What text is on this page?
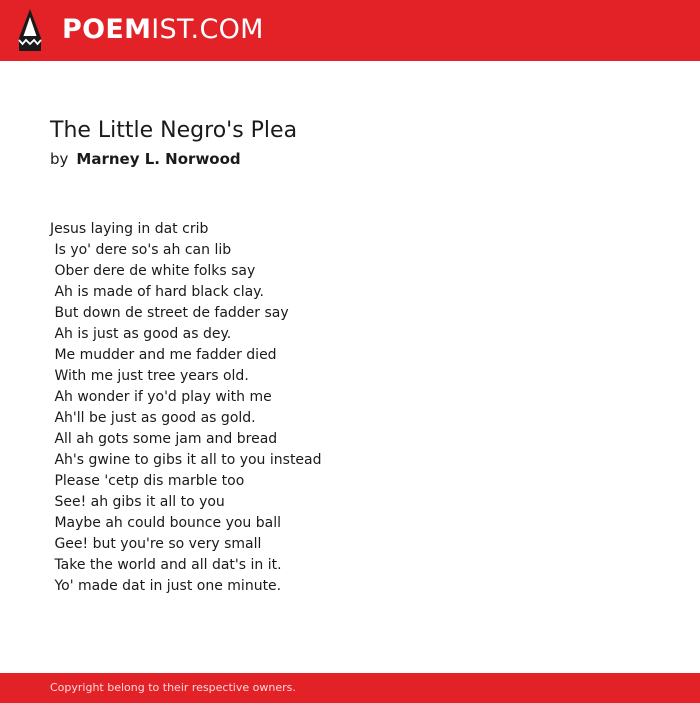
POEMIST.COM
The Little Negro's Plea
by Marney L. Norwood
Jesus laying in dat crib
Is yo' dere so's ah can lib
Ober dere de white folks say
Ah is made of hard black clay.
But down de street de fadder say
Ah is just as good as dey.
Me mudder and me fadder died
With me just tree years old.
Ah wonder if yo'd play with me
Ah'll be just as good as gold.
All ah gots some jam and bread
Ah's gwine to gibs it all to you instead
Please 'cetp dis marble too
See! ah gibs it all to you
Maybe ah could bounce you ball
Gee! but you're so very small
Take the world and all dat's in it.
Yo' made dat in just one minute.
Copyright belong to their respective owners.
